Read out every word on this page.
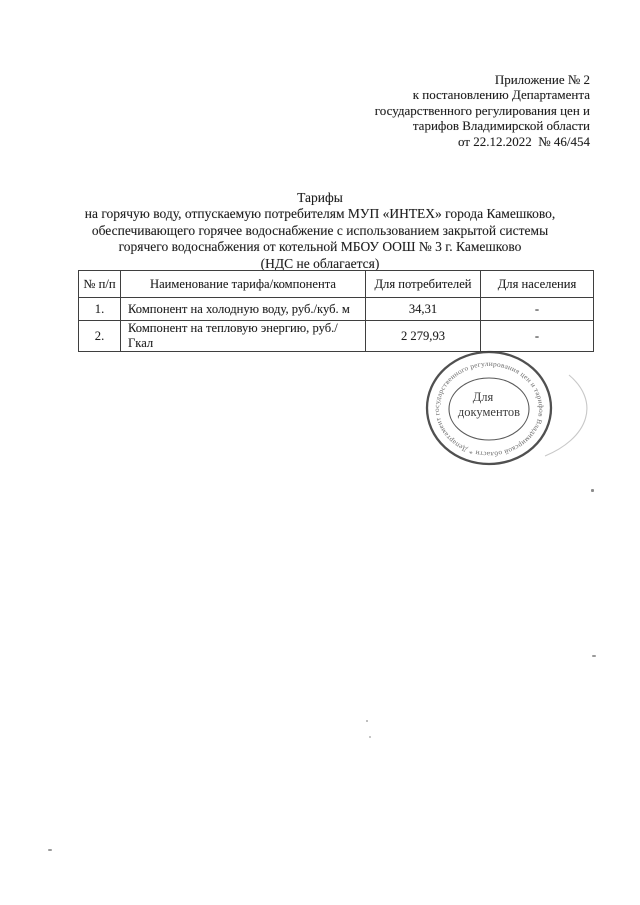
Приложение № 2
к постановлению Департамента
государственного регулирования цен и
тарифов Владимирской области
от 22.12.2022  № 46/454
Тарифы
на горячую воду, отпускаемую потребителям МУП «ИНТЕХ» города Камешково,
обеспечивающего горячее водоснабжение с использованием закрытой системы
горячего водоснабжения от котельной МБОУ ООШ № 3 г. Камешково
(НДС не облагается)
№ п/п	Наименование тарифа/компонента	Для потребителей	Для населения
1.	Компонент на холодную воду, руб./куб. м	34,31	-
2.	Компонент на тепловую энергию, руб./Гкал	2 279,93	-
Департамент государственного регулирования цен и тарифов Владимирской области *
Для
документов
